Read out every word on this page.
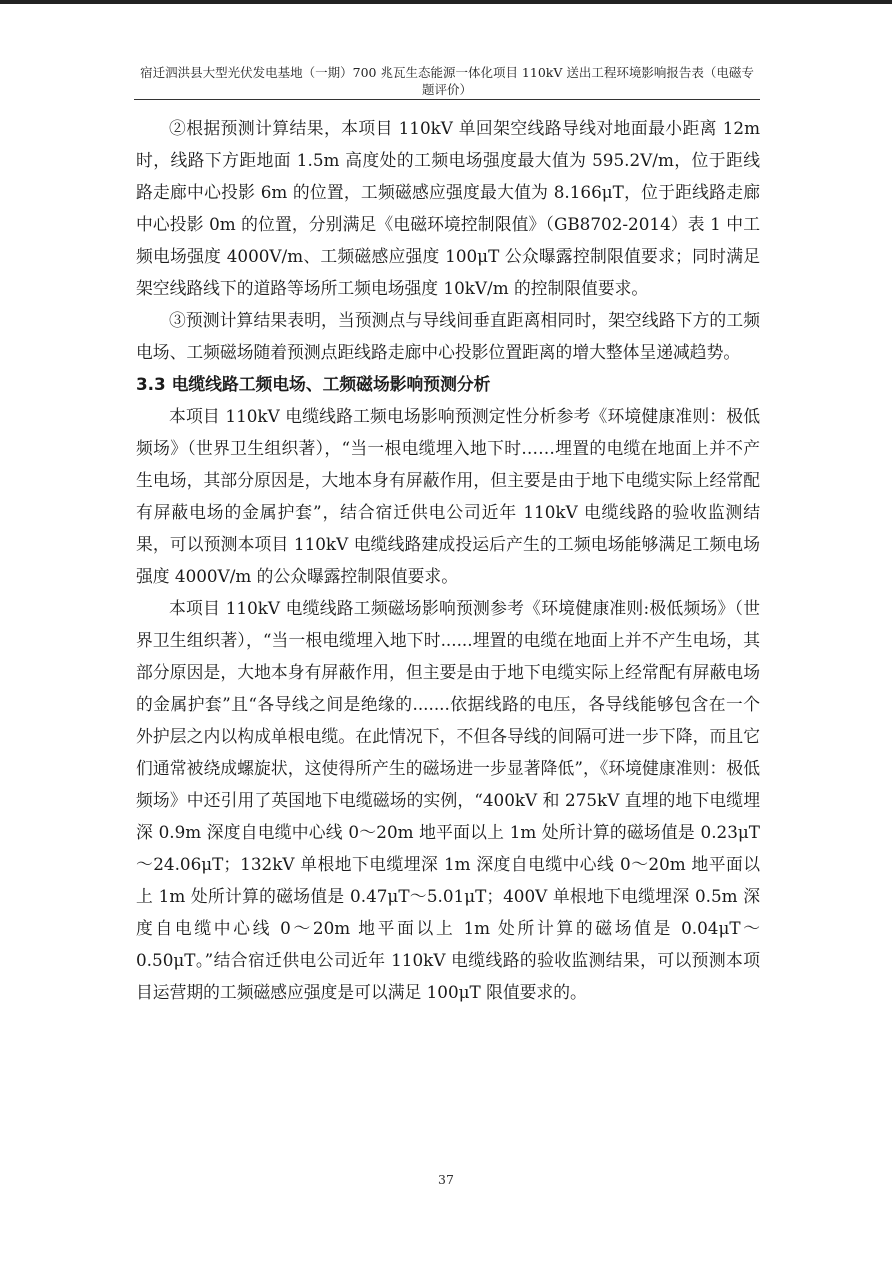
宿迁泗洪县大型光伏发电基地（一期）700 兆瓦生态能源一体化项目 110kV 送出工程环境影响报告表（电磁专题评价）

②根据预测计算结果，本项目 110kV 单回架空线路导线对地面最小距离 12m 时，线路下方距地面 1.5m 高度处的工频电场强度最大值为 595.2V/m，位于距线路走廊中心投影 6m 的位置，工频磁感应强度最大值为 8.166μT，位于距线路走廊中心投影 0m 的位置，分别满足《电磁环境控制限值》（GB8702-2014）表 1 中工频电场强度 4000V/m、工频磁感应强度 100μT 公众曝露控制限值要求；同时满足架空线路线下的道路等场所工频电场强度 10kV/m 的控制限值要求。

③预测计算结果表明，当预测点与导线间垂直距离相同时，架空线路下方的工频电场、工频磁场随着预测点距线路走廊中心投影位置距离的增大整体呈递减趋势。

3.3 电缆线路工频电场、工频磁场影响预测分析

本项目 110kV 电缆线路工频电场影响预测定性分析参考《环境健康准则：极低频场》（世界卫生组织著），“当一根电缆埋入地下时……埋置的电缆在地面上并不产生电场，其部分原因是，大地本身有屏蔽作用，但主要是由于地下电缆实际上经常配有屏蔽电场的金属护套”，结合宿迁供电公司近年 110kV 电缆线路的验收监测结果，可以预测本项目 110kV 电缆线路建成投运后产生的工频电场能够满足工频电场强度 4000V/m 的公众曝露控制限值要求。

本项目 110kV 电缆线路工频磁场影响预测参考《环境健康准则:极低频场》（世界卫生组织著），“当一根电缆埋入地下时......埋置的电缆在地面上并不产生电场，其部分原因是，大地本身有屏蔽作用，但主要是由于地下电缆实际上经常配有屏蔽电场的金属护套”且“各导线之间是绝缘的.......依据线路的电压，各导线能够包含在一个外护层之内以构成单根电缆。在此情况下，不但各导线的间隔可进一步下降，而且它们通常被绕成螺旋状，这使得所产生的磁场进一步显著降低”，《环境健康准则：极低频场》中还引用了英国地下电缆磁场的实例，“400kV 和 275kV 直埋的地下电缆埋深 0.9m 深度自电缆中心线 0～20m 地平面以上 1m 处所计算的磁场值是 0.23μT～24.06μT；132kV 单根地下电缆埋深 1m 深度自电缆中心线 0～20m 地平面以上 1m 处所计算的磁场值是 0.47μT～5.01μT；400V 单根地下电缆埋深 0.5m 深度自电缆中心线 0～20m 地平面以上 1m 处所计算的磁场值是 0.04μT～0.50μT。”结合宿迁供电公司近年 110kV 电缆线路的验收监测结果，可以预测本项目运营期的工频磁感应强度是可以满足 100μT 限值要求的。

37
